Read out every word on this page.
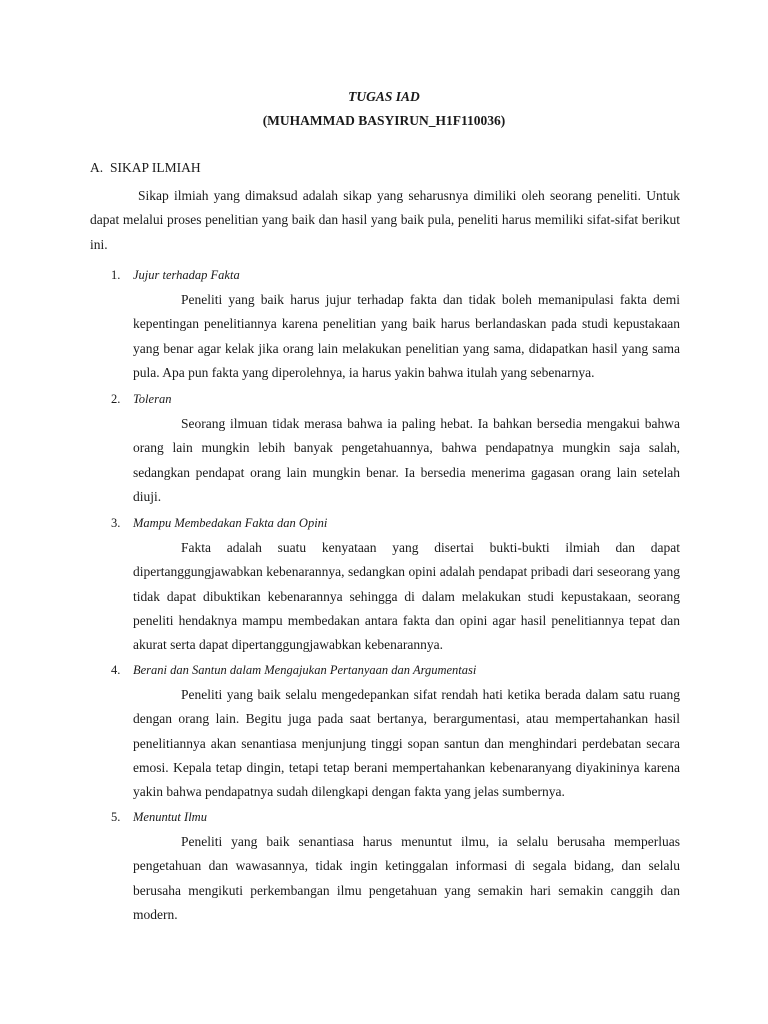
TUGAS IAD
(MUHAMMAD BASYIRUN_H1F110036)
A. SIKAP ILMIAH
Sikap ilmiah yang dimaksud adalah sikap yang seharusnya dimiliki oleh seorang peneliti. Untuk dapat melalui proses penelitian yang baik dan hasil yang baik pula, peneliti harus memiliki sifat-sifat berikut ini.
1. Jujur terhadap Fakta
Peneliti yang baik harus jujur terhadap fakta dan tidak boleh memanipulasi fakta demi kepentingan penelitiannya karena penelitian yang baik harus berlandaskan pada studi kepustakaan yang benar agar kelak jika orang lain melakukan penelitian yang sama, didapatkan hasil yang sama pula. Apa pun fakta yang diperolehnya, ia harus yakin bahwa itulah yang sebenarnya.
2. Toleran
Seorang ilmuan tidak merasa bahwa ia paling hebat. Ia bahkan bersedia mengakui bahwa orang lain mungkin lebih banyak pengetahuannya, bahwa pendapatnya mungkin saja salah, sedangkan pendapat orang lain mungkin benar. Ia bersedia menerima gagasan orang lain setelah diuji.
3. Mampu Membedakan Fakta dan Opini
Fakta adalah suatu kenyataan yang disertai bukti-bukti ilmiah dan dapat dipertanggungjawabkan kebenarannya, sedangkan opini adalah pendapat pribadi dari seseorang yang tidak dapat dibuktikan kebenarannya sehingga di dalam melakukan studi kepustakaan, seorang peneliti hendaknya mampu membedakan antara fakta dan opini agar hasil penelitiannya tepat dan akurat serta dapat dipertanggungjawabkan kebenarannya.
4. Berani dan Santun dalam Mengajukan Pertanyaan dan Argumentasi
Peneliti yang baik selalu mengedepankan sifat rendah hati ketika berada dalam satu ruang dengan orang lain. Begitu juga pada saat bertanya, berargumentasi, atau mempertahankan hasil penelitiannya akan senantiasa menjunjung tinggi sopan santun dan menghindari perdebatan secara emosi. Kepala tetap dingin, tetapi tetap berani mempertahankan kebenaranyang diyakininya karena yakin bahwa pendapatnya sudah dilengkapi dengan fakta yang jelas sumbernya.
5. Menuntut Ilmu
Peneliti yang baik senantiasa harus menuntut ilmu, ia selalu berusaha memperluas pengetahuan dan wawasannya, tidak ingin ketinggalan informasi di segala bidang, dan selalu berusaha mengikuti perkembangan ilmu pengetahuan yang semakin hari semakin canggih dan modern.
